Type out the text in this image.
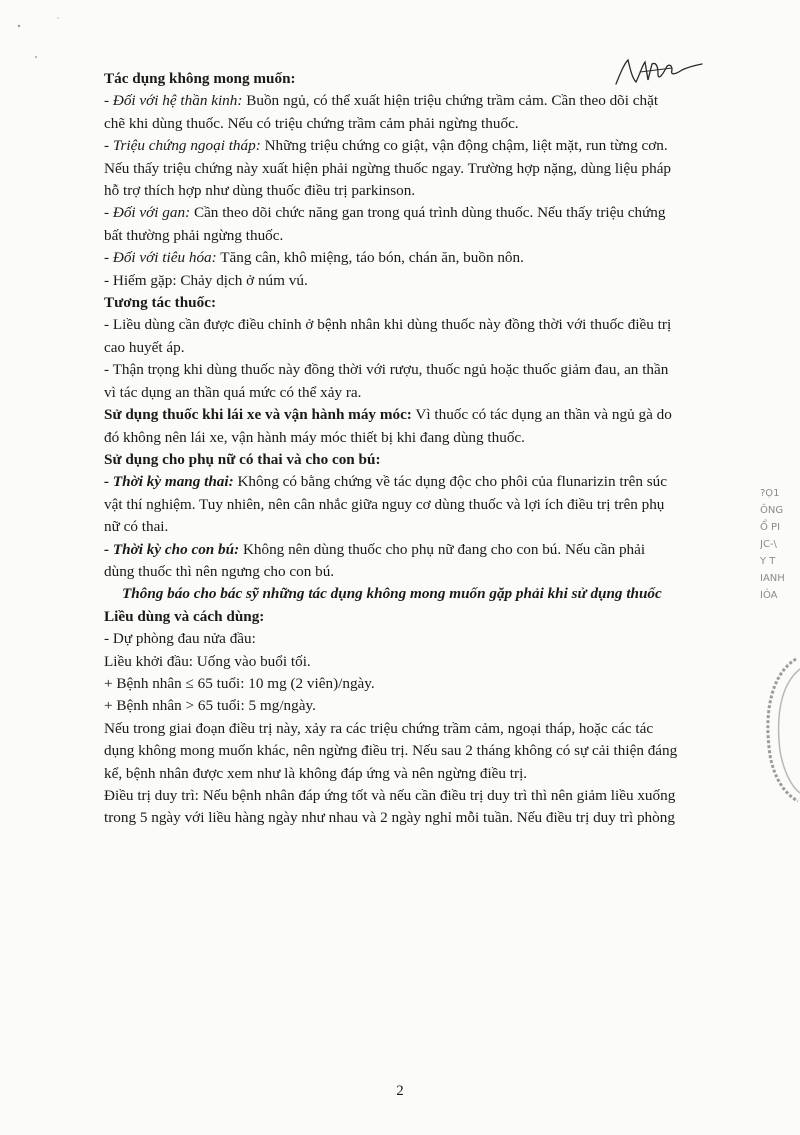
Tác dụng không mong muốn:

- Đối với hệ thần kinh: Buồn ngủ, có thể xuất hiện triệu chứng trầm cảm. Cần theo dõi chặt

chẽ khi dùng thuốc. Nếu có triệu chứng trầm cảm phải ngừng thuốc.

- Triệu chứng ngoại tháp: Những triệu chứng co giật, vận động chậm, liệt mặt, run từng cơn.

Nếu thấy triệu chứng này xuất hiện phải ngừng thuốc ngay. Trường hợp nặng, dùng liệu pháp

hỗ trợ thích hợp như dùng thuốc điều trị parkinson.

- Đối với gan: Cần theo dõi chức năng gan trong quá trình dùng thuốc. Nếu thấy triệu chứng

bất thường phải ngừng thuốc.

- Đối với tiêu hóa: Tăng cân, khô miệng, táo bón, chán ăn, buồn nôn.

- Hiếm gặp: Chảy dịch ở núm vú.

Tương tác thuốc:

- Liều dùng cần được điều chỉnh ở bệnh nhân khi dùng thuốc này đồng thời với thuốc điều trị

cao huyết áp.

- Thận trọng khi dùng thuốc này đồng thời với rượu, thuốc ngủ hoặc thuốc giảm đau, an thần

vì tác dụng an thần quá mức có thể xảy ra.

Sử dụng thuốc khi lái xe và vận hành máy móc: Vì thuốc có tác dụng an thần và ngủ gà do

đó không nên lái xe, vận hành máy móc thiết bị khi đang dùng thuốc.

Sử dụng cho phụ nữ có thai và cho con bú:

- Thời kỳ mang thai: Không có bằng chứng về tác dụng độc cho phôi của flunarizin trên súc

vật thí nghiệm. Tuy nhiên, nên cân nhắc giữa nguy cơ dùng thuốc và lợi ích điều trị trên phụ

nữ có thai.

- Thời kỳ cho con bú: Không nên dùng thuốc cho phụ nữ đang cho con bú. Nếu cần phải

dùng thuốc thì nên ngưng cho con bú.

Thông báo cho bác sỹ những tác dụng không mong muốn gặp phải khi sử dụng thuốc

Liều dùng và cách dùng:

- Dự phòng đau nửa đầu:

Liều khởi đầu: Uống vào buổi tối.

+ Bệnh nhân ≤ 65 tuổi: 10 mg (2 viên)/ngày.

+ Bệnh nhân > 65 tuổi: 5 mg/ngày.

Nếu trong giai đoạn điều trị này, xảy ra các triệu chứng trầm cảm, ngoại tháp, hoặc các tác

dụng không mong muốn khác, nên ngừng điều trị. Nếu sau 2 tháng không có sự cải thiện đáng

kể, bệnh nhân được xem như là không đáp ứng và nên ngừng điều trị.

Điều trị duy trì: Nếu bệnh nhân đáp ứng tốt và nếu cần điều trị duy trì thì nên giảm liều xuống

trong 5 ngày với liều hàng ngày như nhau và 2 ngày nghỉ mỗi tuần. Nếu điều trị duy trì phòng

?Ọ1
ÔNG
Ổ PI
JC-\
Y T
IANH
IÓA
2
